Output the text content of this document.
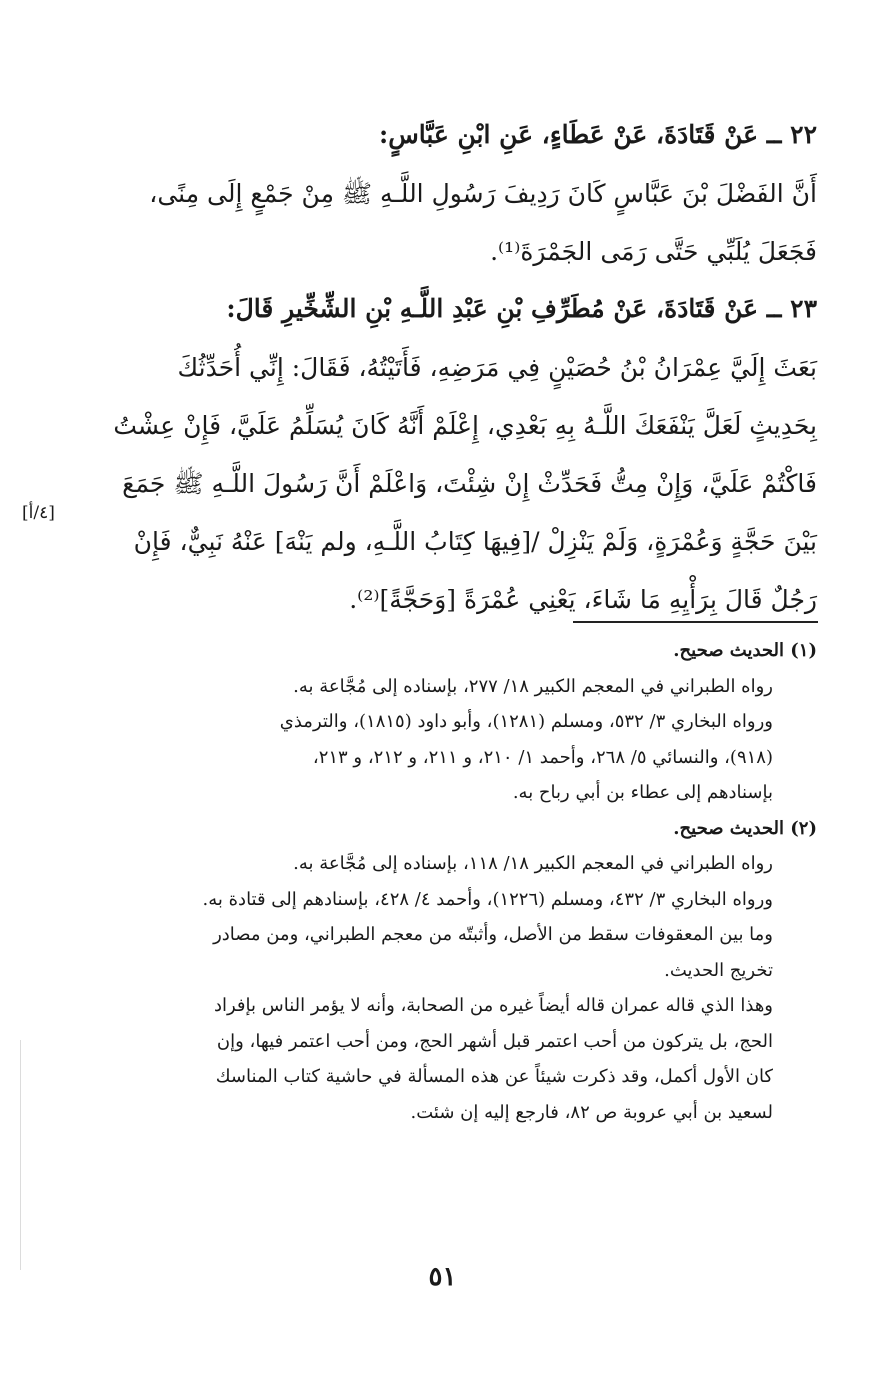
٢٢ ــ عَنْ قَتَادَةَ، عَنْ عَطَاءٍ، عَنِ ابْنِ عَبَّاسٍ:
أَنَّ الفَضْلَ بْنَ عَبَّاسٍ كَانَ رَدِيفَ رَسُولِ اللَّـهِ ﷺ مِنْ جَمْعٍ إِلَى مِنًى،
فَجَعَلَ يُلَبِّي حَتَّى رَمَى الجَمْرَةَ⁽¹⁾.
٢٣ ــ عَنْ قَتَادَةَ، عَنْ مُطَرِّفِ بْنِ عَبْدِ اللَّـهِ بْنِ الشِّخِّيرِ قَالَ:
بَعَثَ إِلَيَّ عِمْرَانُ بْنُ حُصَيْنٍ فِي مَرَضِهِ، فَأَتَيْتُهُ، فَقَالَ: إِنِّي أُحَدِّثُكَ
بِحَدِيثٍ لَعَلَّ يَنْفَعَكَ اللَّـهُ بِهِ بَعْدِي، إِعْلَمْ أَنَّهُ كَانَ يُسَلِّمُ عَلَيَّ، فَإِنْ عِشْتُ
فَاكْتُمْ عَلَيَّ، وَإِنْ مِتُّ فَحَدِّثْ إِنْ شِئْتَ، وَاعْلَمْ أَنَّ رَسُولَ اللَّـهِ ﷺ جَمَعَ
بَيْنَ حَجَّةٍ وَعُمْرَةٍ، وَلَمْ يَنْزِلْ /[فِيهَا كِتَابُ اللَّـهِ، ولم يَنْهَ] عَنْهُ نَبِيٌّ، فَإِنْ
رَجُلٌ قَالَ بِرَأْيِهِ مَا شَاءَ، يَعْنِي عُمْرَةً [وَحَجَّةً]⁽²⁾.
[٤/أ]

(١) الحديث صحيح.

رواه الطبراني في المعجم الكبير ١٨/ ٢٧٧، بإسناده إلى مُجَّاعة به.

ورواه البخاري ٣/ ٥٣٢، ومسلم (١٢٨١)، وأبو داود (١٨١٥)، والترمذي

(٩١٨)، والنسائي ٥/ ٢٦٨، وأحمد ١/ ٢١٠، و ٢١١، و ٢١٢، و ٢١٣،

بإسنادهم إلى عطاء بن أبي رباح به.

(٢) الحديث صحيح.

رواه الطبراني في المعجم الكبير ١٨/ ١١٨، بإسناده إلى مُجَّاعة به.

ورواه البخاري ٣/ ٤٣٢، ومسلم (١٢٢٦)، وأحمد ٤/ ٤٢٨، بإسنادهم إلى قتادة به.

وما بين المعقوفات سقط من الأصل، وأثبتّه من معجم الطبراني، ومن مصادر

تخريج الحديث.

وهذا الذي قاله عمران قاله أيضاً غيره من الصحابة، وأنه لا يؤمر الناس بإفراد

الحج، بل يتركون من أحب اعتمر قبل أشهر الحج، ومن أحب اعتمر فيها، وإن

كان الأول أكمل، وقد ذكرت شيئاً عن هذه المسألة في حاشية كتاب المناسك

لسعيد بن أبي عروبة ص ٨٢، فارجع إليه إن شئت.

٥١
